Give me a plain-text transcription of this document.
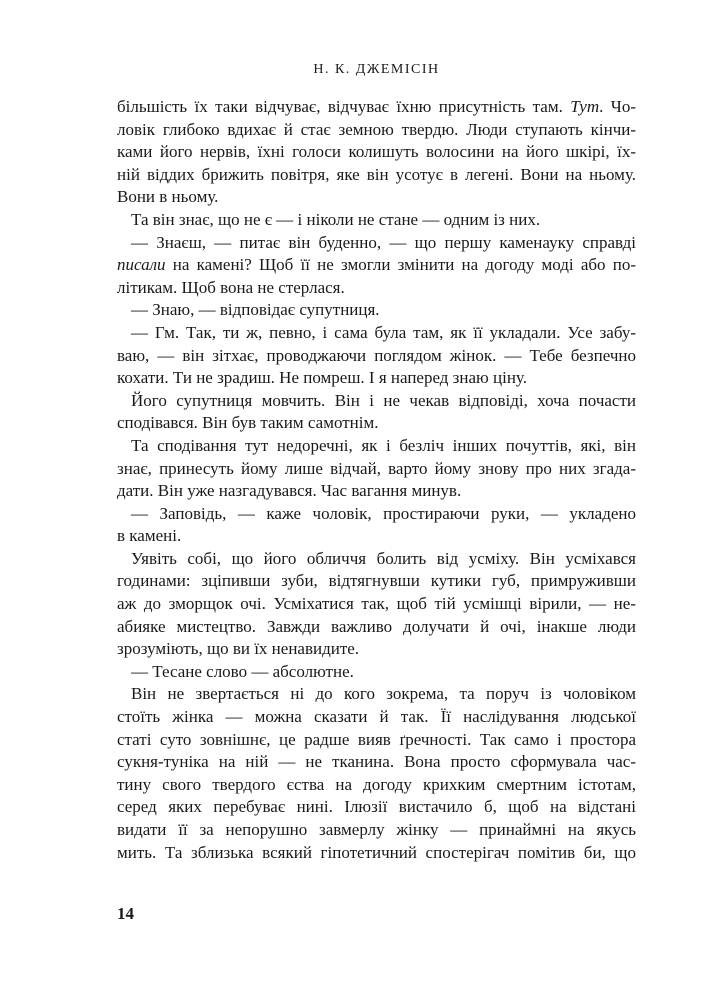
Н. К. ДЖЕМІСІН

більшість їх таки відчуває, відчуває їхню присутність там. Тут. Чо-

ловік глибоко вдихає й стає земною твердю. Люди ступають кінчи-

ками його нервів, їхні голоси колишуть волосини на його шкірі, їх-

ній віддих брижить повітря, яке він усотує в легені. Вони на ньому.

Вони в ньому.

Та він знає, що не є — і ніколи не стане — одним із них.

— Знаєш, — питає він буденно, — що першу каменауку справді

писали на камені? Щоб її не змогли змінити на догоду моді або по-

літикам. Щоб вона не стерлася.

— Знаю, — відповідає супутниця.

— Гм. Так, ти ж, певно, і сама була там, як її укладали. Усе забу-

ваю, — він зітхає, проводжаючи поглядом жінок. — Тебе безпечно

кохати. Ти не зрадиш. Не помреш. І я наперед знаю ціну.

Його супутниця мовчить. Він і не чекав відповіді, хоча почасти

сподівався. Він був таким самотнім.

Та сподівання тут недоречні, як і безліч інших почуттів, які, він

знає, принесуть йому лише відчай, варто йому знову про них згада-

дати. Він уже назгадувався. Час вагання минув.

— Заповідь, — каже чоловік, простираючи руки, — укладено

в камені.

Уявіть собі, що його обличчя болить від усміху. Він усміхався

годинами: зціпивши зуби, відтягнувши кутики губ, примруживши

аж до зморщок очі. Усміхатися так, щоб тій усмішці вірили, — не-

абияке мистецтво. Завжди важливо долучати й очі, інакше люди

зрозуміють, що ви їх ненавидите.

— Тесане слово — абсолютне.

Він не звертається ні до кого зокрема, та поруч із чоловіком

стоїть жінка — можна сказати й так. Її наслідування людської

статі суто зовнішнє, це радше вияв ґречності. Так само і простора

сукня-туніка на ній — не тканина. Вона просто сформувала час-

тину свого твердого єства на догоду крихким смертним істотам,

серед яких перебуває нині. Ілюзії вистачило б, щоб на відстані

видати її за непорушно завмерлу жінку — принаймні на якусь

мить. Та зблизька всякий гіпотетичний спостерігач помітив би, що

14
